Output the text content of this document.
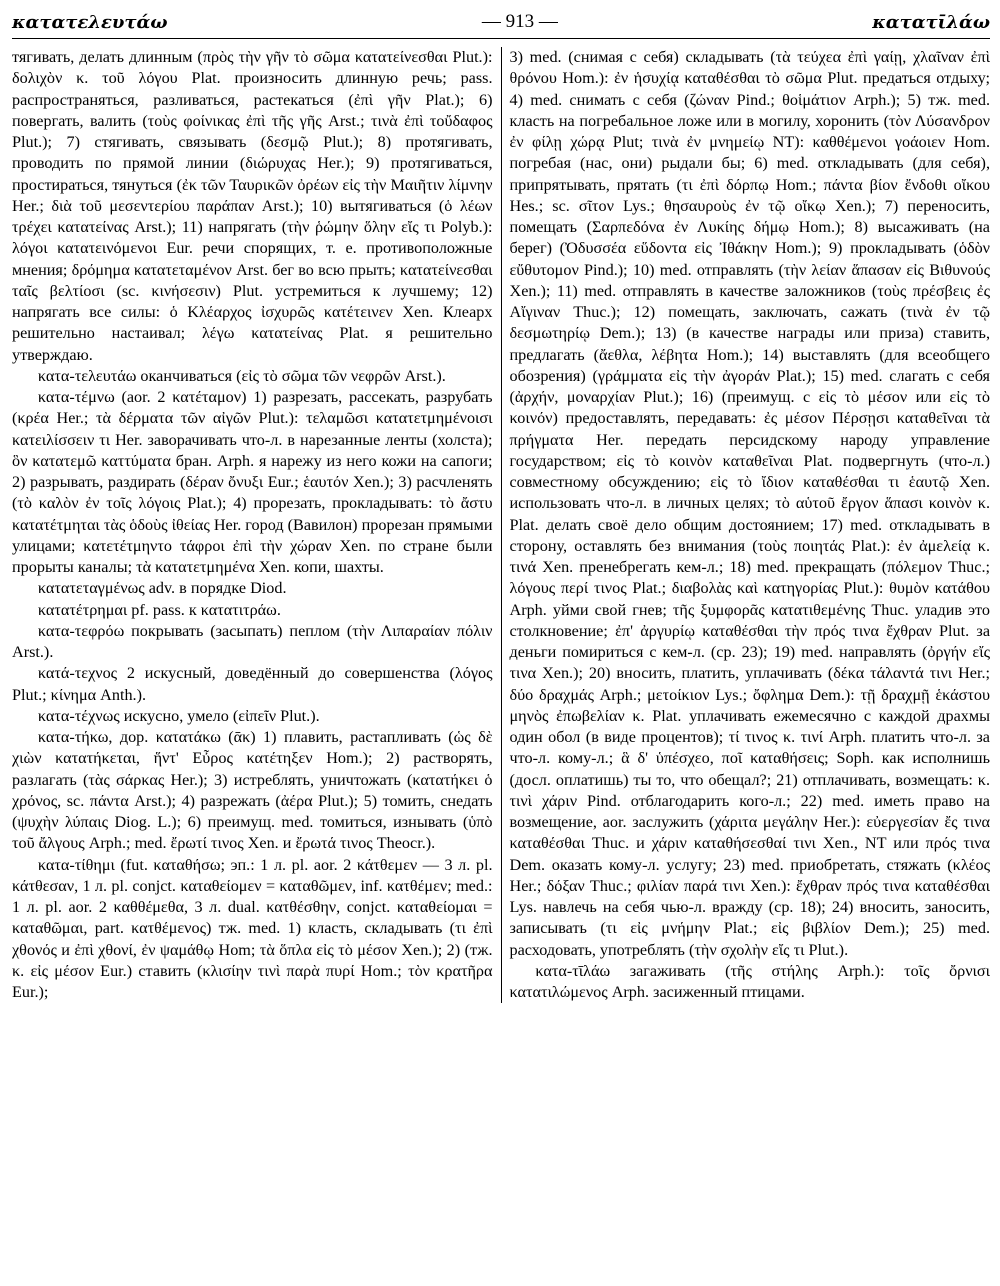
κατατελευτάω	— 913 —	κατατῑλάω

тягивать, делать длинным (πρὸς τὴν γῆν τὸ σῶμα κατατείνεσθαι Plut.): δολιχὸν κ. τοῦ λόγου Plat. произносить длинную речь; pass. распространяться, разливаться, растекаться (ἐπὶ γῆν Plat.); 6) повергать, валить (τοὺς φοίνικας ἐπὶ τῆς γῆς Arst.; τινὰ ἐπὶ τοὔδαφος Plut.); 7) стягивать, связывать (δεσμῷ Plut.); 8) протягивать, проводить по прямой линии (διώρυχας Her.); 9) протягиваться, простираться, тянуться (ἐκ τῶν Ταυρικῶν ὀρέων εἰς τὴν Μαιῆτιν λίμνην Her.; διὰ τοῦ μεσεντερίου παράπαν Arst.); 10) вытягиваться (ὁ λέων τρέχει κατατείνας Arst.); 11) напрягать (τὴν ῥώμην ὅλην εἴς τι Polyb.): λόγοι κατατεινόμενοι Eur. речи спорящих, т. е. противоположные мнения; δρόμημα κατατεταμένον Arst. бег во всю прыть; κατατείνεσθαι ταῖς βελτίοσι (sc. κινήσεσιν) Plut. устремиться к лучшему; 12) напрягать все силы: ὁ Κλέαρχος ἰσχυρῶς κατέτεινεν Xen. Клеарх решительно настаивал; λέγω κατατείνας Plat. я решительно утверждаю.

κατα-τελευτάω оканчиваться (εἰς τὸ σῶμα τῶν νεφρῶν Arst.).

κατα-τέμνω (aor. 2 κατέταμον) 1) разрезать, рассекать, разрубать (κρέα Her.; τὰ δέρματα τῶν αἰγῶν Plut.): τελαμῶσι κατατετμημένοισι κατειλίσσειν τι Her. заворачивать что-л. в нарезанные ленты (холста); ὃν κατατεμῶ καττύματα бран. Arph. я нарежу из него кожи на сапоги; 2) разрывать, раздирать (δέραν ὄνυξι Eur.; ἑαυτόν Xen.); 3) расчленять (τὸ καλὸν ἐν τοῖς λόγοις Plat.); 4) прорезать, прокладывать: τὸ ἄστυ κατατέτμηται τὰς ὁδοὺς ἰθείας Her. город (Вавилон) прорезан прямыми улицами; κατετέτμηντο τάφροι ἐπὶ τὴν χώραν Xen. по стране были прорыты каналы; τὰ κατατετμημένα Xen. копи, шахты.

κατατεταγμένως adv. в порядке Diod.

κατατέτρημαι pf. pass. к κατατιτράω.

κατα-τεφρόω покрывать (засыпать) пеплом (τὴν Λιπαραίαν πόλιν Arst.).

κατά-τεχνος 2 искусный, доведённый до совершенства (λόγος Plut.; κίνημα Anth.).

κατα-τέχνως искусно, умело (εἰπεῖν Plut.).

κατα-τήκω, дор. κατατάκω (ᾱκ) 1) плавить, растапливать (ὡς δὲ χιὼν κατατήκεται, ἥντ' Εὖρος κατέτηξεν Hom.); 2) растворять, разлагать (τὰς σάρκας Her.); 3) истреблять, уничтожать (κατατήκει ὁ χρόνος, sc. πάντα Arst.); 4) разрежать (ἀέρα Plut.); 5) томить, снедать (ψυχὴν λύπαις Diog. L.); 6) преимущ. med. томиться, изнывать (ὑπὸ τοῦ ἄλγους Arph.; med. ἔρωτί τινος Xen. и ἔρωτά τινος Theocr.).

κατα-τίθημι (fut. καταθήσω; эп.: 1 л. pl. aor. 2 κάτθεμεν — 3 л. pl. κάτθεσαν, 1 л. pl. conjct. καταθείομεν = καταθῶμεν, inf. κατθέμεν; med.: 1 л. pl. aor. 2 καθθέμεθα, 3 л. dual. κατθέσθην, conjct. καταθείομαι = καταθῶμαι, part. κατθέμενος) тж. med. 1) класть, складывать (τι ἐπὶ χθονός и ἐπὶ χθονί, ἐν ψαμάθῳ Hom; τὰ ὅπλα εἰς τὸ μέσον Xen.); 2) (тж. κ. εἰς μέσον Eur.) ставить (κλισίην τινὶ παρὰ πυρί Hom.; τὸν κρατῆρα Eur.);

3) med. (снимая с себя) складывать (τὰ τεύχεα ἐπὶ γαίῃ, χλαῖναν ἐπὶ θρόνου Hom.): ἐν ἡσυχίᾳ καταθέσθαι τὸ σῶμα Plut. предаться отдыху; 4) med. снимать с себя (ζώναν Pind.; θοἱμάτιον Arph.); 5) тж. med. класть на погребальное ложе или в могилу, хоронить (τὸν Λύσανδρον ἐν φίλῃ χώρᾳ Plut; τινὰ ἐν μνημείῳ NT): καθθέμενοι γοάοιεν Hom. погребая (нас, они) рыдали бы; 6) med. откладывать (для себя), припрятывать, прятать (τι ἐπὶ δόρπῳ Hom.; πάντα βίον ἔνδοθι οἴκου Hes.; sc. σῖτον Lys.; θησαυροὺς ἐν τῷ οἴκῳ Xen.); 7) переносить, помещать (Σαρπεδόνα ἐν Λυκίης δήμῳ Hom.); 8) высаживать (на берег) (Ὀδυσσέα εὕδοντα εἰς Ἰθάκην Hom.); 9) прокладывать (ὁδὸν εὔθυτομον Pind.); 10) med. отправлять (τὴν λείαν ἅπασαν εἰς Βιθυνούς Xen.); 11) med. отправлять в качестве заложников (τοὺς πρέσβεις ἐς Αἴγιναν Thuc.); 12) помещать, заключать, сажать (τινὰ ἐν τῷ δεσμωτηρίῳ Dem.); 13) (в качестве награды или приза) ставить, предлагать (ἄεθλα, λέβητα Hom.); 14) выставлять (для всеобщего обозрения) (γράμματα εἰς τὴν ἀγοράν Plat.); 15) med. слагать с себя (ἀρχήν, μοναρχίαν Plut.); 16) (преимущ. с εἰς τὸ μέσον или εἰς τὸ κοινόν) предоставлять, передавать: ἐς μέσον Πέρσῃσι καταθεῖναι τὰ πρήγματα Her. передать персидскому народу управление государством; εἰς τὸ κοινὸν καταθεῖναι Plat. подвергнуть (что-л.) совместному обсуждению; εἰς τὸ ἴδιον καταθέσθαι τι ἑαυτῷ Xen. использовать что-л. в личных целях; τὸ αὑτοῦ ἔργον ἅπασι κοινὸν κ. Plat. делать своё дело общим достоянием; 17) med. откладывать в сторону, оставлять без внимания (τοὺς ποιητάς Plat.): ἐν ἀμελείᾳ κ. τινά Xen. пренебрегать кем-л.; 18) med. прекращать (πόλεμον Thuc.; λόγους περί τινος Plat.; διαβολὰς καὶ κατηγορίας Plut.): θυμὸν κατάθου Arph. уйми свой гнев; τῆς ξυμφορᾶς κατατιθεμένης Thuc. уладив это столкновение; ἐπ' ἀργυρίῳ καταθέσθαι τὴν πρός τινα ἔχθραν Plut. за деньги помириться с кем-л. (ср. 23); 19) med. направлять (ὀργήν εἴς τινα Xen.); 20) вносить, платить, уплачивать (δέκα τάλαντά τινι Her.; δύο δραχμάς Arph.; μετοίκιον Lys.; ὄφλημα Dem.): τῇ δραχμῇ ἑκάστου μηνὸς ἐπωβελίαν κ. Plat. уплачивать ежемесячно с каждой драхмы один обол (в виде процентов); τί τινος κ. τινί Arph. платить что-л. за что-л. кому-л.; ἃ δ' ὑπέσχεο, ποῖ καταθήσεις; Soph. как исполнишь (досл. оплатишь) ты то, что обещал?; 21) отплачивать, возмещать: κ. τινὶ χάριν Pind. отблагодарить кого-л.; 22) med. иметь право на возмещение, aor. заслужить (χάριτα μεγάλην Her.): εὐεργεσίαν ἔς τινα καταθέσθαι Thuc. и χάριν καταθήσεσθαί τινι Xen., NT или πρός τινα Dem. оказать кому-л. услугу; 23) med. приобретать, стяжать (κλέος Her.; δόξαν Thuc.; φιλίαν παρά τινι Xen.): ἔχθραν πρός τινα καταθέσθαι Lys. навлечь на себя чью-л. вражду (ср. 18); 24) вносить, заносить, записывать (τι εἰς μνήμην Plat.; εἰς βιβλίον Dem.); 25) med. расходовать, употреблять (τὴν σχολὴν εἴς τι Plut.).

κατα-τῑλάω загаживать (τῆς στήλης Arph.): τοῖς ὄρνισι κατατιλώμενος Arph. засиженный птицами.
